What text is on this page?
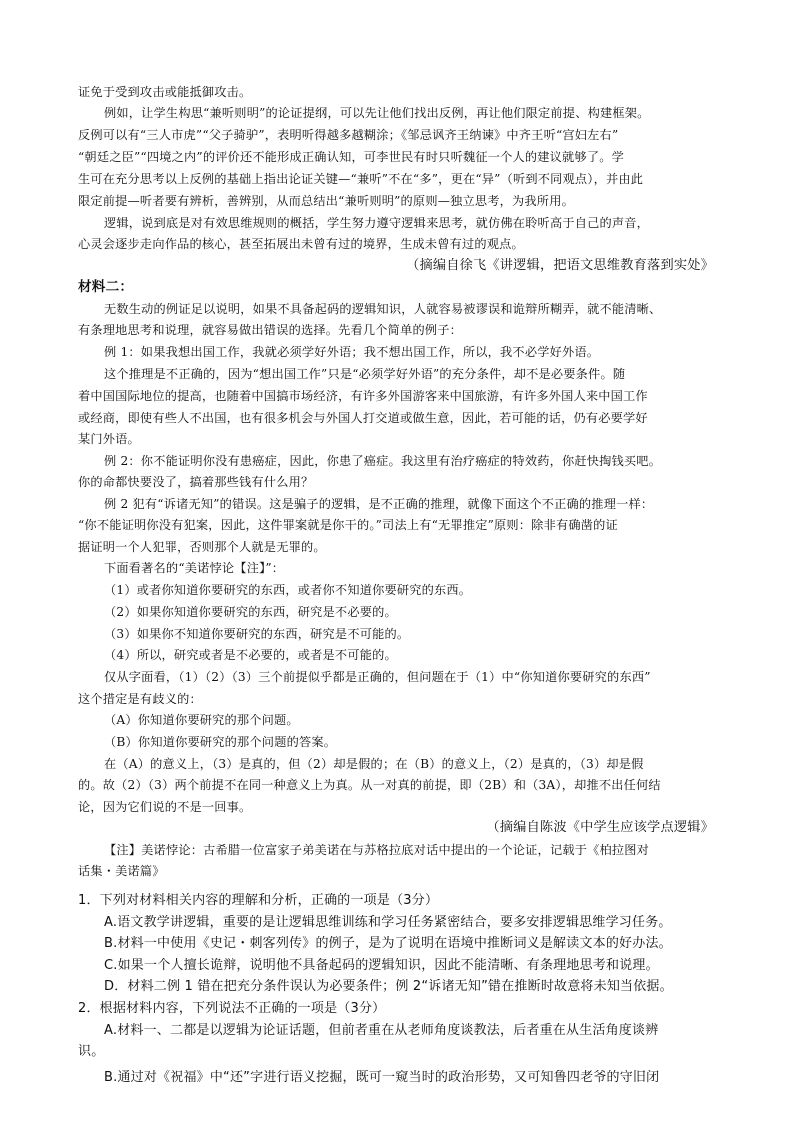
证免于受到攻击或能抵御攻击。
例如，让学生构思“兼听则明”的论证提纲，可以先让他们找出反例，再让他们限定前提、构建框架。
反例可以有“三人市虎”“父子骑驴”，表明听得越多越糊涂；《邹忌讽齐王纳谏》中齐王听“宫妇左右”
“朝廷之臣”“四境之内”的评价还不能形成正确认知，可李世民有时只听魏征一个人的建议就够了。学
生可在充分思考以上反例的基础上指出论证关键—“兼听”不在“多”，更在“异”（听到不同观点），并由此
限定前提—听者要有辨析，善辨别，从而总结出“兼听则明”的原则—独立思考，为我所用。
逻辑，说到底是对有效思维规则的概括，学生努力遵守逻辑来思考，就仿佛在聆听高于自己的声音，
心灵会逐步走向作品的核心，甚至拓展出未曾有过的境界，生成未曾有过的观点。
（摘编自徐飞《讲逻辑，把语文思维教育落到实处》
材料二：
无数生动的例证足以说明，如果不具备起码的逻辑知识，人就容易被谬误和诡辩所糊弄，就不能清晰、
有条理地思考和说理，就容易做出错误的选择。先看几个简单的例子：
例 1：如果我想出国工作，我就必须学好外语；我不想出国工作，所以，我不必学好外语。
这个推理是不正确的，因为“想出国工作”只是“必须学好外语”的充分条件，却不是必要条件。随
着中国国际地位的提高，也随着中国搞市场经济，有许多外国游客来中国旅游，有许多外国人来中国工作
或经商，即使有些人不出国，也有很多机会与外国人打交道或做生意，因此，若可能的话，仍有必要学好
某门外语。
例 2：你不能证明你没有患癌症，因此，你患了癌症。我这里有治疗癌症的特效药，你赶快掏钱买吧。
你的命都快要没了，搞着那些钱有什么用？
例 2 犯有“诉诸无知”的错误。这是骗子的逻辑，是不正确的推理，就像下面这个不正确的推理一样：
“你不能证明你没有犯案，因此，这件罪案就是你干的。”司法上有“无罪推定”原则：除非有确凿的证
据证明一个人犯罪，否则那个人就是无罪的。
下面看著名的“美诺悖论【注】”：
（1）或者你知道你要研究的东西，或者你不知道你要研究的东西。
（2）如果你知道你要研究的东西，研究是不必要的。
（3）如果你不知道你要研究的东西，研究是不可能的。
（4）所以，研究或者是不必要的，或者是不可能的。
仅从字面看，（1）（2）（3）三个前提似乎都是正确的，但问题在于（1）中“你知道你要研究的东西”
这个措定是有歧义的：
（A）你知道你要研究的那个问题。
（B）你知道你要研究的那个问题的答案。
在（A）的意义上，（3）是真的，但（2）却是假的；在（B）的意义上，（2）是真的，（3）却是假
的。故（2）（3）两个前提不在同一种意义上为真。从一对真的前提，即（2B）和（3A），却推不出任何结
论，因为它们说的不是一回事。
（摘编自陈波《中学生应该学点逻辑》
【注】美诺悖论：古希腊一位富家子弟美诺在与苏格拉底对话中提出的一个论证，记载于《柏拉图对
话集・美诺篇》
1．下列对材料相关内容的理解和分析，正确的一项是（3分）
A.语文教学讲逻辑，重要的是让逻辑思维训练和学习任务紧密结合，要多安排逻辑思维学习任务。
B.材料一中使用《史记・刺客列传》的例子，是为了说明在语境中推断词义是解读文本的好办法。
C.如果一个人擅长诡辩，说明他不具备起码的逻辑知识，因此不能清晰、有条理地思考和说理。
D．材料二例 1 错在把充分条件误认为必要条件；例 2“诉诸无知”错在推断时故意将未知当依据。
2．根据材料内容，下列说法不正确的一项是（3分）
A.材料一、二都是以逻辑为论证话题，但前者重在从老师角度谈教法，后者重在从生活角度谈辨
识。
B.通过对《祝福》中“还”字进行语义挖掘，既可一窥当时的政治形势，又可知鲁四老爷的守旧闭
